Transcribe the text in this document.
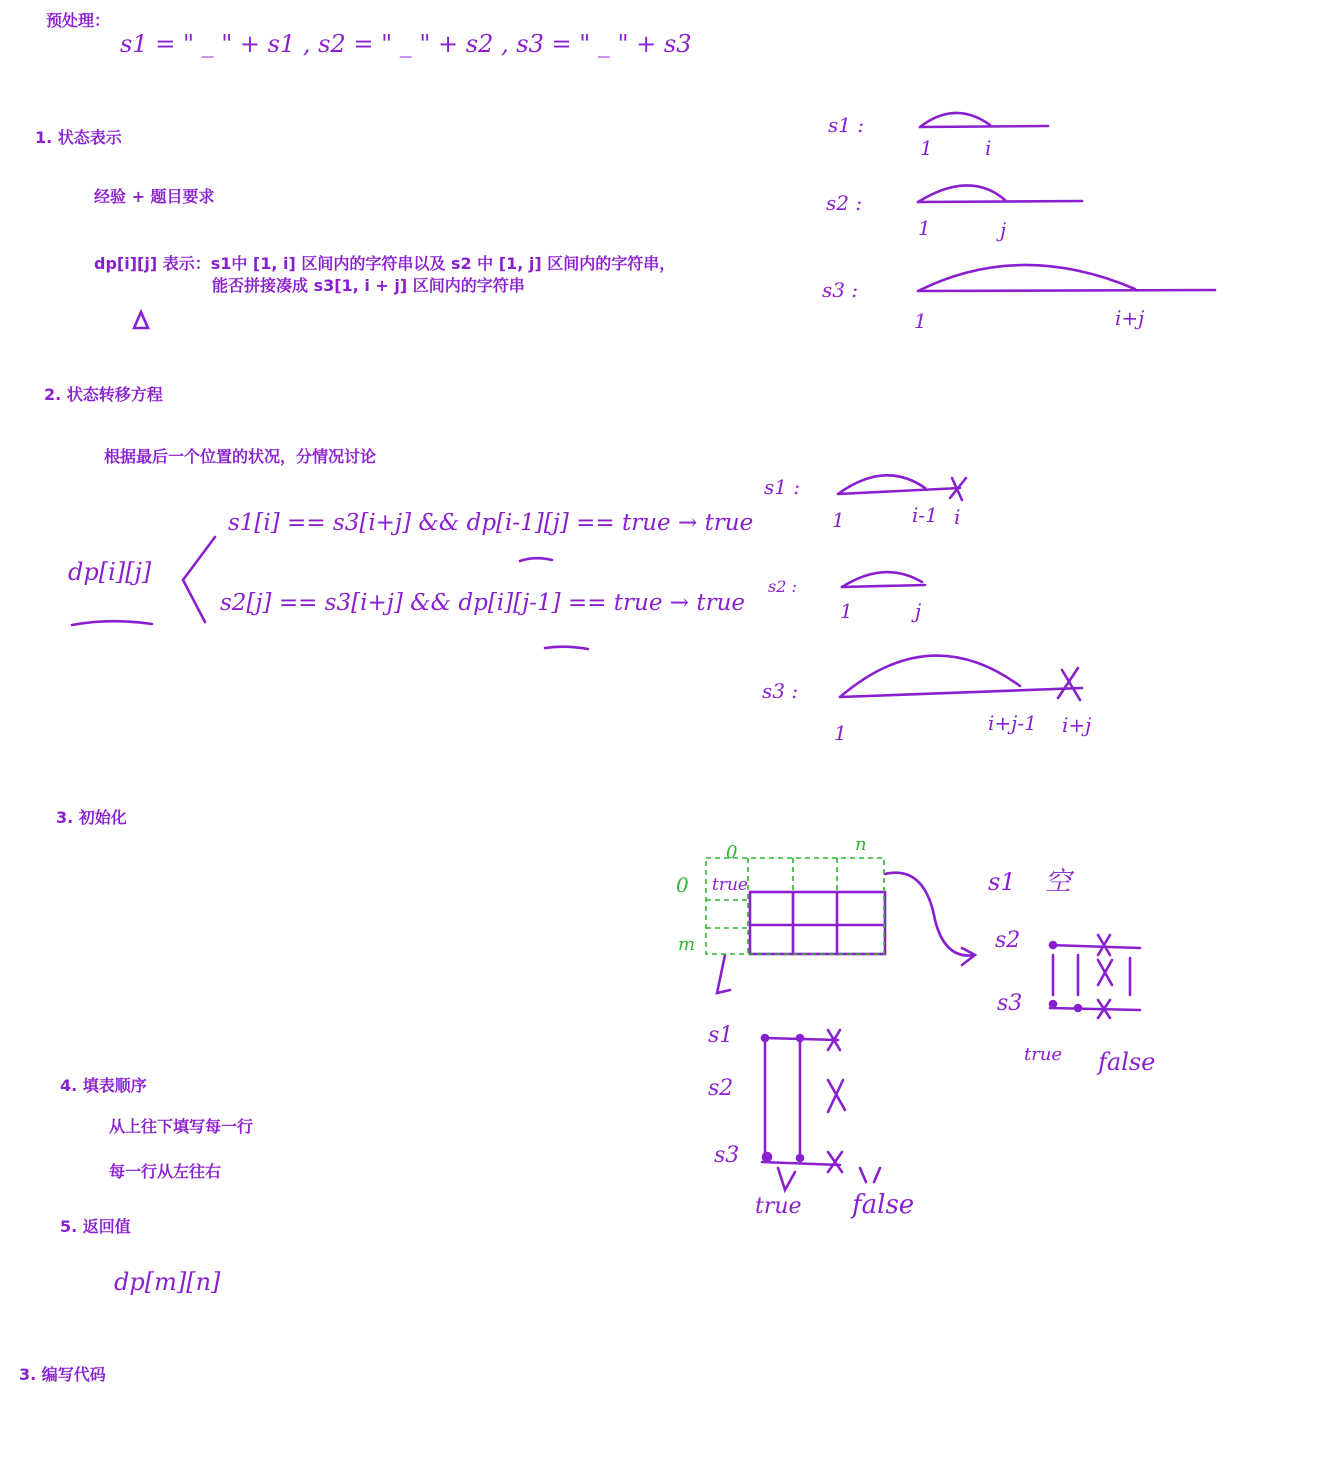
预处理：
s1 = " _ " + s1 , s2 = " _ " + s2 , s3 = " _ " + s3
1. 状态表示
经验 + 题目要求
dp[i][j] 表示：s1中 [1, i] 区间内的字符串以及 s2 中 [1, j] 区间内的字符串，
能否拼接凑成 s3[1, i + j] 区间内的字符串
2. 状态转移方程
根据最后一个位置的状况，分情况讨论
dp[i][j]
s1[i] == s3[i+j] && dp[i-1][j] == true → true
s2[j] == s3[i+j] && dp[i][j-1] == true → true
3. 初始化
4. 填表顺序
从上往下填写每一行
每一行从左往右
5. 返回值
dp[m][n]
3. 编写代码
s1 :
s2 :
s3 :
1	i
1	j
1	i+j
s1 :
s2 :
s3 :
1	i-1 i
1	j
1	i+j-1 i+j
s1 空
s2
s3
true false
s1
s2
s3
true false
0	n
0
m
true
